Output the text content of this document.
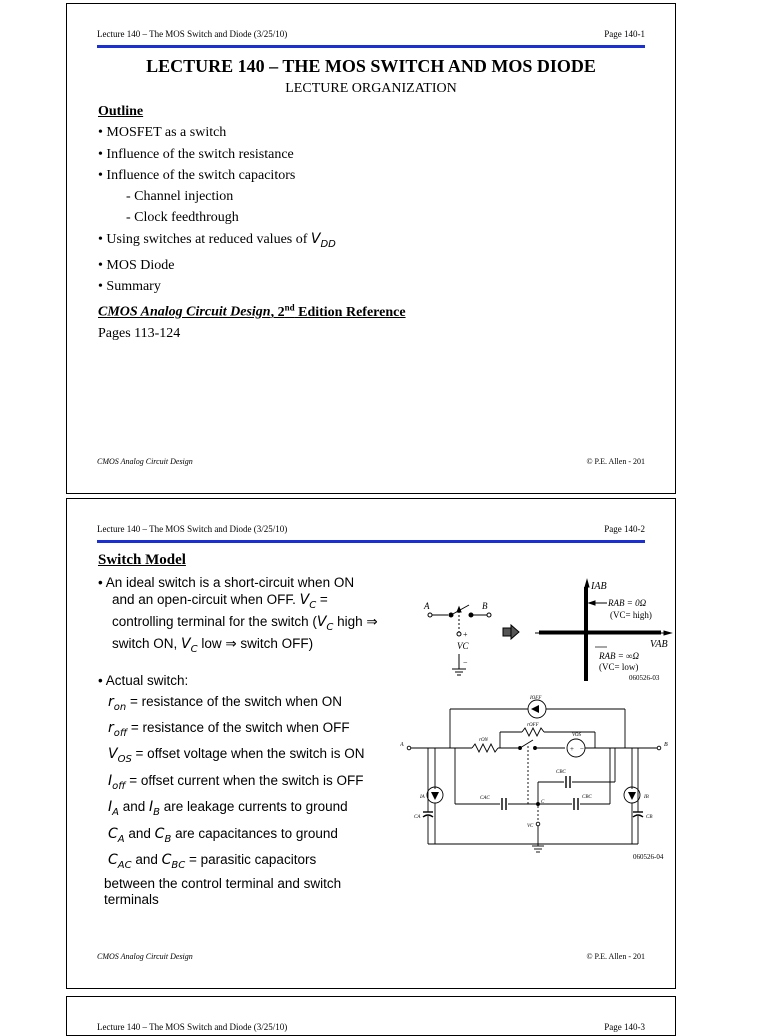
Lecture 140 – The MOS Switch and Diode (3/25/10)	Page 140-1
LECTURE 140 – THE MOS SWITCH AND MOS DIODE
LECTURE ORGANIZATION
Outline
• MOSFET as a switch
• Influence of the switch resistance
• Influence of the switch capacitors
- Channel injection
- Clock feedthrough
• Using switches at reduced values of $V_{DD}$
• MOS Diode
• Summary
CMOS Analog Circuit Design, 2nd Edition Reference
Pages 113-124
CMOS Analog Circuit Design	© P.E. Allen - 201
Lecture 140 – The MOS Switch and Diode (3/25/10)	Page 140-2
Switch Model
• An ideal switch is a short-circuit when ON
and an open-circuit when OFF. $V_C$ =
controlling terminal for the switch ($V_C$ high ⇒
switch ON, $V_C$ low ⇒ switch OFF)
• Actual switch:
$r_{on}$ = resistance of the switch when ON
$r_{off}$ = resistance of the switch when OFF
$V_{OS}$ = offset voltage when the switch is ON
$I_{off}$ = offset current when the switch is OFF
$I_A$ and $I_B$ are leakage currents to ground
$C_A$ and $C_B$ are capacitances to ground
$C_{AC}$ and $C_{BC}$ = parasitic capacitors
between the control terminal and switch
terminals
A	B
+
−
VC
IAB
VAB
RAB = 0Ω
(VC= high)
RAB = ∞Ω
(VC= low)
060526-03
+ −
IOFF
rOFF
rON
VOS
A	B
CBC
CAC	CBC
IA	IB
CA	CB
C
VC
060526-04
CMOS Analog Circuit Design	© P.E. Allen - 201
Lecture 140 – The MOS Switch and Diode (3/25/10)	Page 140-3
